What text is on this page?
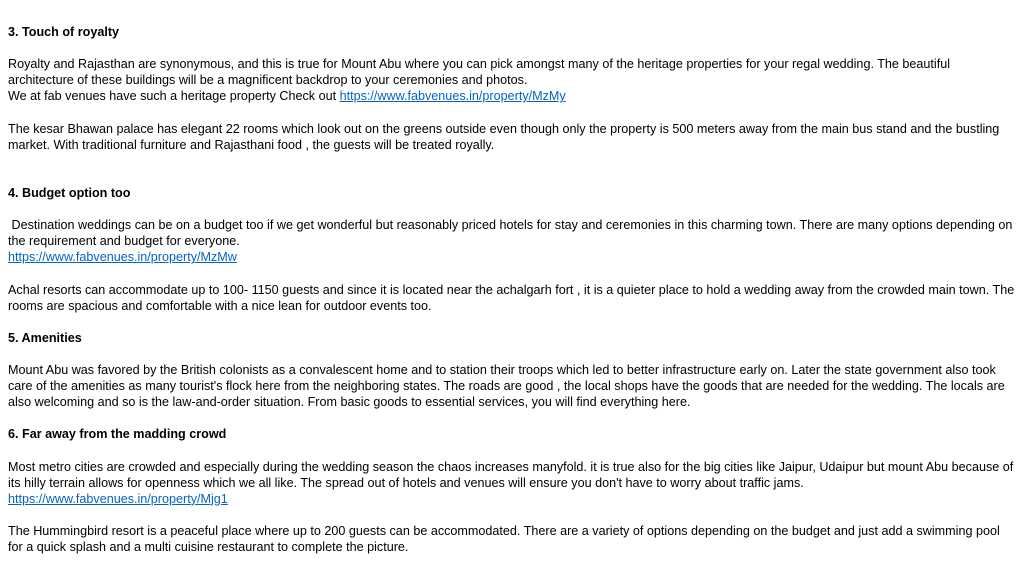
3. Touch of royalty

Royalty and Rajasthan are synonymous, and this is true for Mount Abu where you can pick amongst many of the heritage properties for your regal wedding. The beautiful architecture of these buildings will be a magnificent backdrop to your ceremonies and photos.

We at fab venues have such a heritage property Check out https://www.fabvenues.in/property/MzMy

The kesar Bhawan palace has elegant 22 rooms which look out on the greens outside even though only the property is 500 meters away from the main bus stand and the bustling market. With traditional furniture and Rajasthani food , the guests will be treated royally.

4. Budget option too

Destination weddings can be on a budget too if we get wonderful but reasonably priced hotels for stay and ceremonies in this charming town. There are many options depending on the requirement and budget for everyone.

https://www.fabvenues.in/property/MzMw

Achal resorts can accommodate up to 100- 1150 guests and since it is located near the achalgarh fort , it is a quieter place to hold a wedding away from the crowded main town. The rooms are spacious and comfortable with a nice lean for outdoor events too.

5. Amenities

Mount Abu was favored by the British colonists as a convalescent home and to station their troops which led to better infrastructure early on. Later the state government also took care of the amenities as many tourist's flock here from the neighboring states. The roads are good , the local shops have the goods that are needed for the wedding. The locals are also welcoming and so is the law-and-order situation. From basic goods to essential services, you will find everything here.

6. Far away from the madding crowd

Most metro cities are crowded and especially during the wedding season the chaos increases manyfold. it is true also for the big cities like Jaipur, Udaipur but mount Abu because of its hilly terrain allows for openness which we all like. The spread out of hotels and venues will ensure you don't have to worry about traffic jams.

https://www.fabvenues.in/property/Mjg1

The Hummingbird resort is a peaceful place where up to 200 guests can be accommodated. There are a variety of options depending on the budget and just add a swimming pool for a quick splash and a multi cuisine restaurant to complete the picture.
